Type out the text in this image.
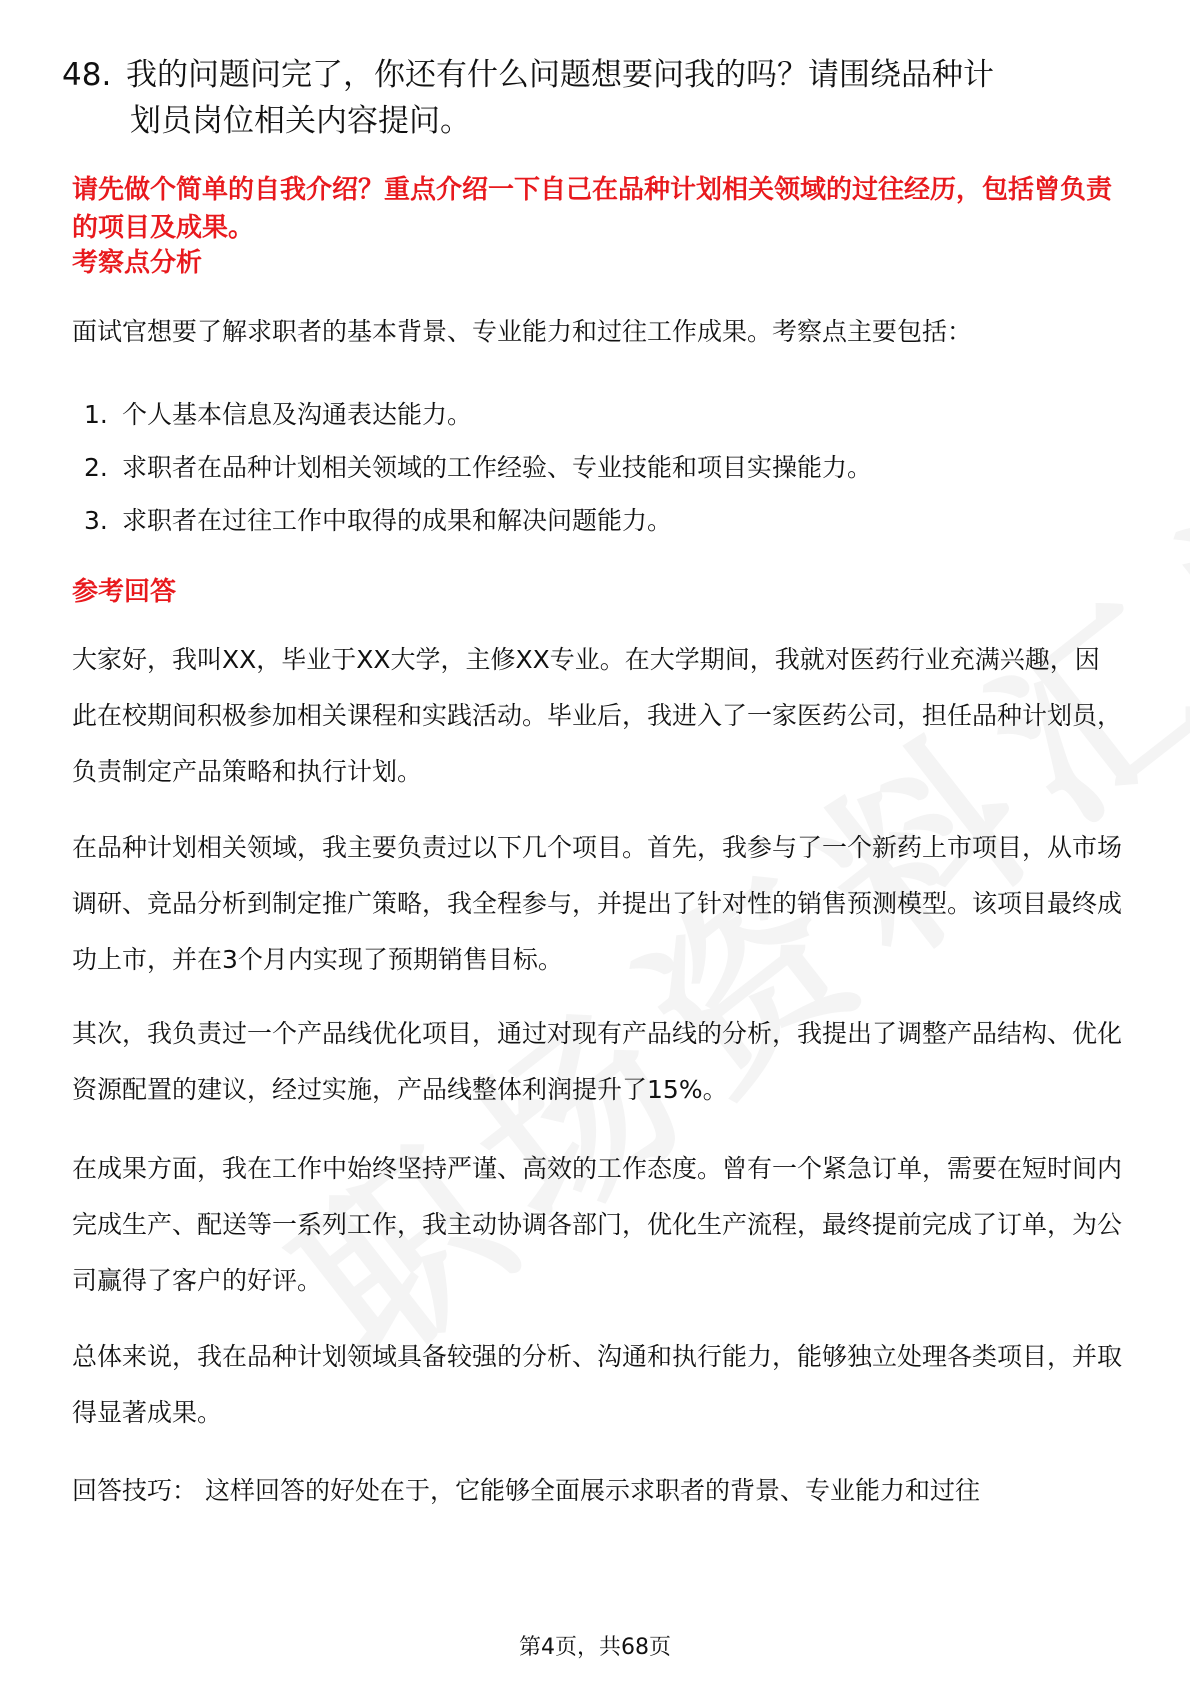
48. 我的问题问完了，你还有什么问题想要问我的吗？请围绕品种计
划员岗位相关内容提问。
请先做个简单的自我介绍？重点介绍一下自己在品种计划相关领域的过往经历，包括曾负责的项目及成果。
考察点分析
面试官想要了解求职者的基本背景、专业能力和过往工作成果。考察点主要包括：
1. 个人基本信息及沟通表达能力。
2. 求职者在品种计划相关领域的工作经验、专业技能和项目实操能力。
3. 求职者在过往工作中取得的成果和解决问题能力。
参考回答
大家好，我叫XX，毕业于XX大学，主修XX专业。在大学期间，我就对医药行业充满兴趣，因此在校期间积极参加相关课程和实践活动。毕业后，我进入了一家医药公司，担任品种计划员，负责制定产品策略和执行计划。
在品种计划相关领域，我主要负责过以下几个项目。首先，我参与了一个新药上市项目，从市场调研、竞品分析到制定推广策略，我全程参与，并提出了针对性的销售预测模型。该项目最终成功上市，并在3个月内实现了预期销售目标。
其次，我负责过一个产品线优化项目，通过对现有产品线的分析，我提出了调整产品结构、优化资源配置的建议，经过实施，产品线整体利润提升了15%。
在成果方面，我在工作中始终坚持严谨、高效的工作态度。曾有一个紧急订单，需要在短时间内完成生产、配送等一系列工作，我主动协调各部门，优化生产流程，最终提前完成了订单，为公司赢得了客户的好评。
总体来说，我在品种计划领域具备较强的分析、沟通和执行能力，能够独立处理各类项目，并取得显著成果。
回答技巧： 这样回答的好处在于，它能够全面展示求职者的背景、专业能力和过往
第4页，共68页
